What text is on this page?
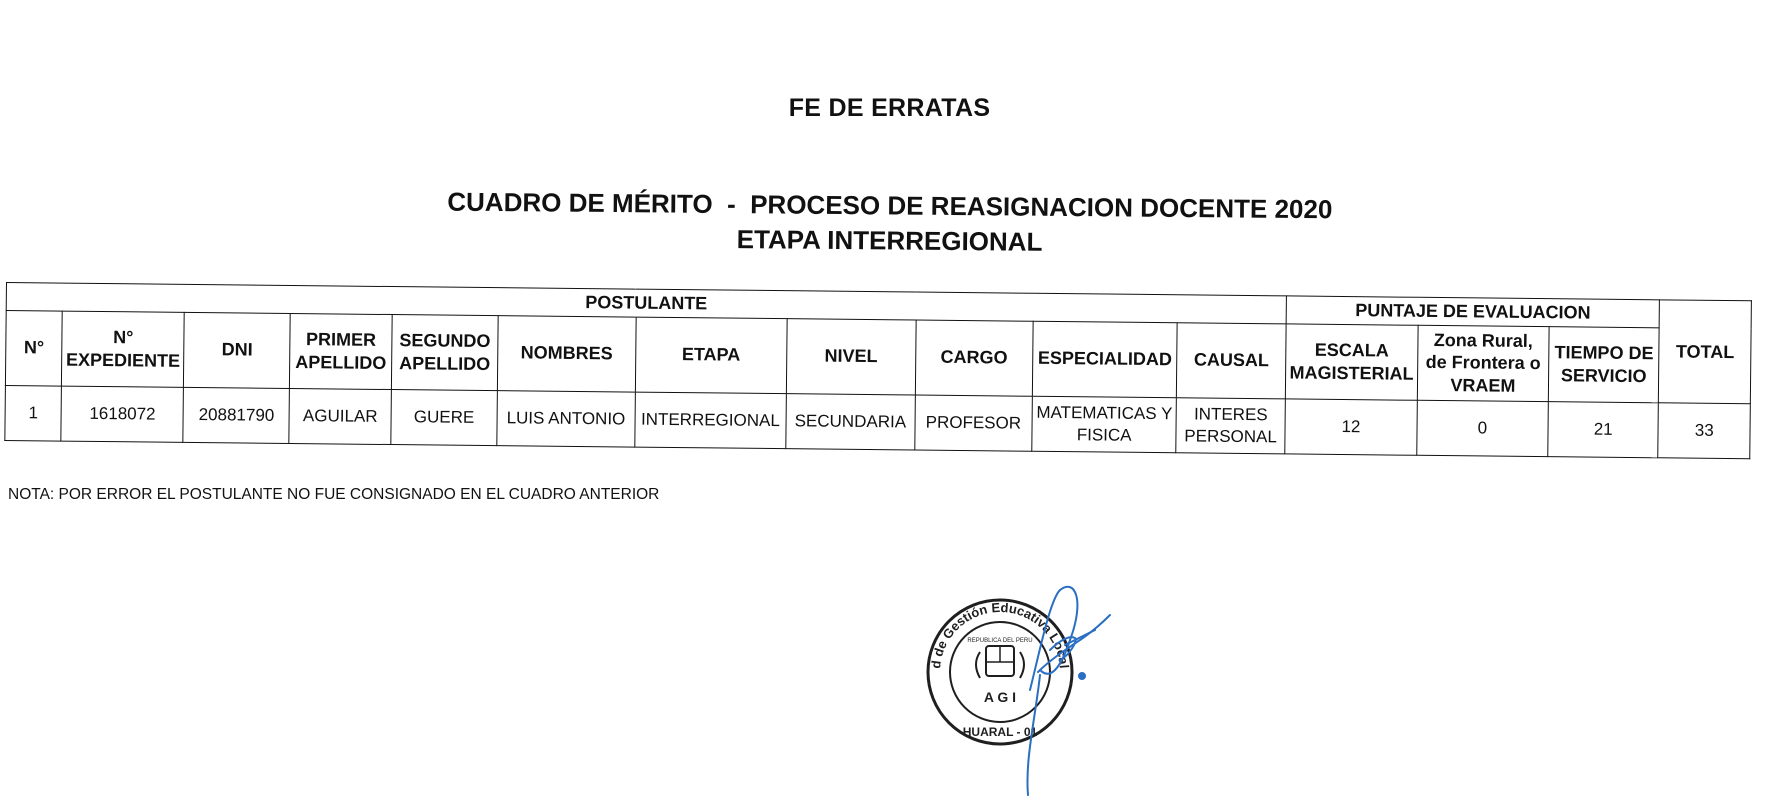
FE DE ERRATAS
CUADRO DE MÉRITO  -  PROCESO DE REASIGNACION DOCENTE 2020
ETAPA INTERREGIONAL
POSTULANTE											PUNTAJE DE EVALUACION			TOTAL
N°	N° EXPEDIENTE	DNI	PRIMER APELLIDO	SEGUNDO APELLIDO	NOMBRES	ETAPA	NIVEL	CARGO	ESPECIALIDAD	CAUSAL	ESCALA MAGISTERIAL	Zona Rural, de Frontera o VRAEM	TIEMPO DE SERVICIO	
1	1618072	20881790	AGUILAR	GUERE	LUIS ANTONIO	INTERREGIONAL	SECUNDARIA	PROFESOR	MATEMATICAS Y FISICA	INTERES PERSONAL	12	0	21	33
NOTA: POR ERROR EL POSTULANTE NO FUE CONSIGNADO EN EL CUADRO ANTERIOR
d de Gestión Educativa Local
REPUBLICA DEL PERU
A G I
HUARAL - 01
